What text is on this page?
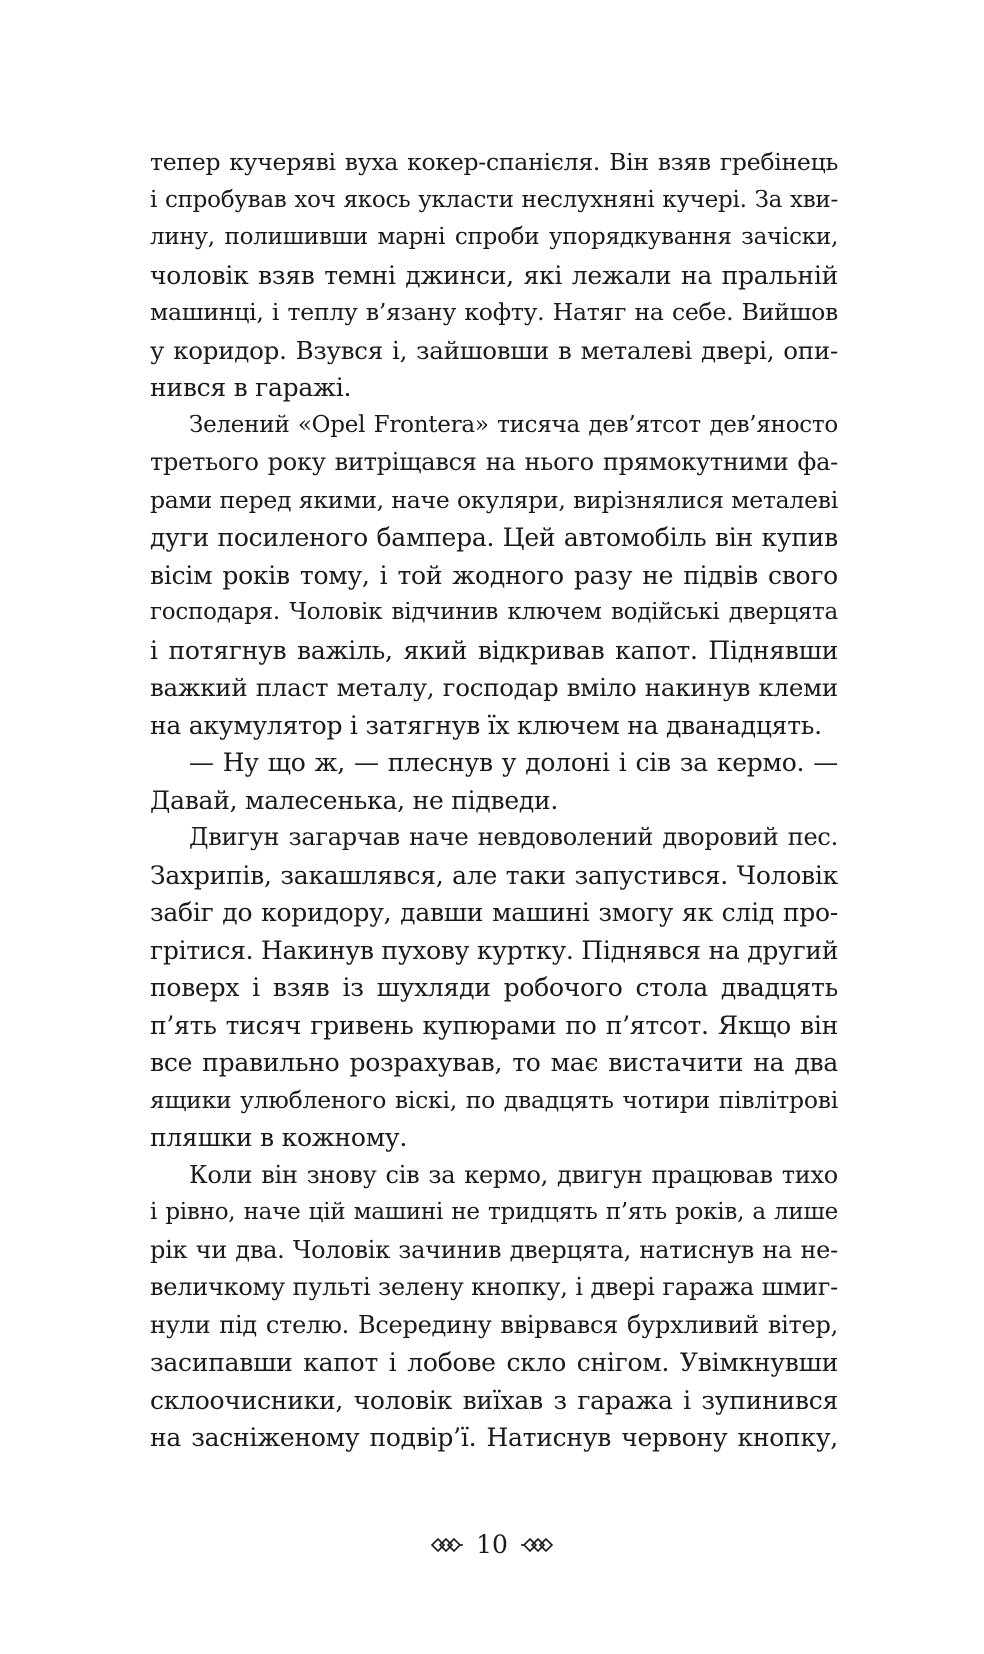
тепер кучеряві вуха кокер-спанієля. Він взяв гребінець
і спробував хоч якось укласти неслухняні кучері. За хви-
лину, полишивши марні спроби упорядкування зачіски,
чоловік взяв темні джинси, які лежали на пральній
машинці, і теплу в’язану кофту. Натяг на себе. Вийшов
у коридор. Взувся і, зайшовши в металеві двері, опи-
нився в гаражі.
Зелений «Opel Frontera» тисяча дев’ятсот дев’яносто
третього року витріщався на нього прямокутними фа-
рами перед якими, наче окуляри, вирізнялися металеві
дуги посиленого бампера. Цей автомобіль він купив
вісім років тому, і той жодного разу не підвів свого
господаря. Чоловік відчинив ключем водійські дверцята
і потягнув важіль, який відкривав капот. Піднявши
важкий пласт металу, господар вміло накинув клеми
на акумулятор і затягнув їх ключем на дванадцять.
— Ну що ж, — плеснув у долоні і сів за кермо. —
Давай, малесенька, не підведи.
Двигун загарчав наче невдоволений дворовий пес.
Захрипів, закашлявся, але таки запустився. Чоловік
забіг до коридору, давши машині змогу як слід про-
грітися. Накинув пухову куртку. Піднявся на другий
поверх і взяв із шухляди робочого стола двадцять
п’ять тисяч гривень купюрами по п’ятсот. Якщо він
все правильно розрахував, то має вистачити на два
ящики улюбленого віскі, по двадцять чотири півлітрові
пляшки в кожному.
Коли він знову сів за кермо, двигун працював тихо
і рівно, наче цій машині не тридцять п’ять років, а лише
рік чи два. Чоловік зачинив дверцята, натиснув на не-
величкому пульті зелену кнопку, і двері гаража шмиг-
нули під стелю. Всередину ввірвався бурхливий вітер,
засипавши капот і лобове скло снігом. Увімкнувши
склоочисники, чоловік виїхав з гаража і зупинився
на засніженому подвір’ї. Натиснув червону кнопку,
10
